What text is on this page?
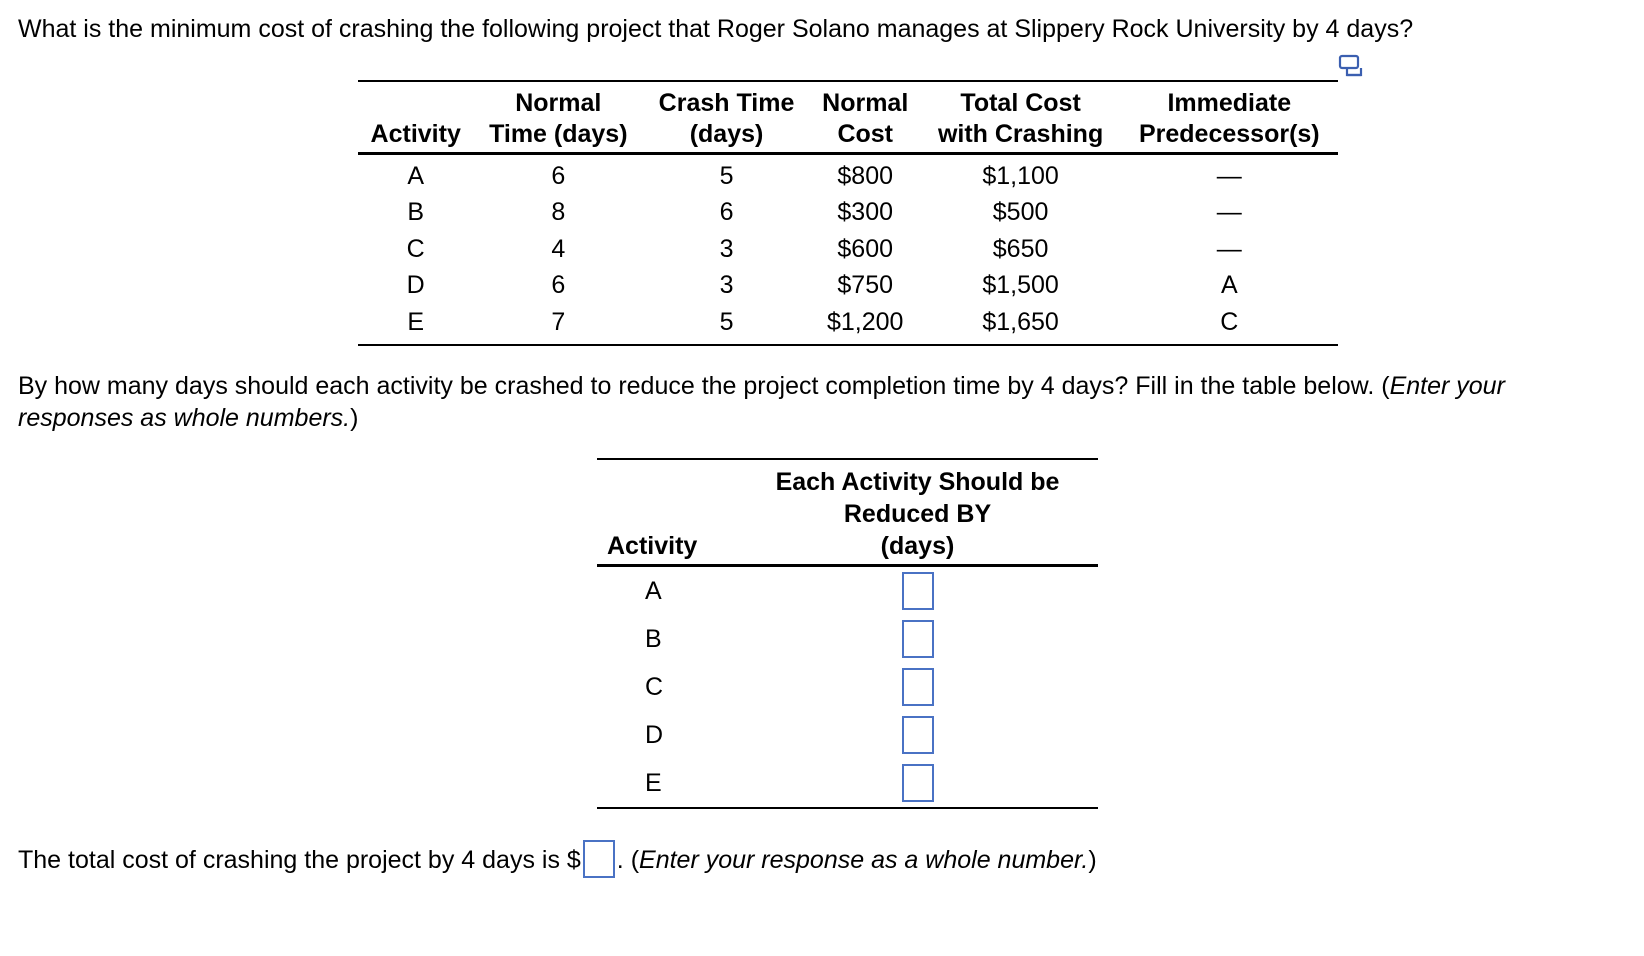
What is the minimum cost of crashing the following project that Roger Solano manages at Slippery Rock University by 4 days?

	Normal	Crash Time	Normal	Total Cost	Immediate
Activity	Time (days)	(days)	Cost	with Crashing	Predecessor(s)
A	6	5	$800	$1,100	—
B	8	6	$300	$500	—
C	4	3	$600	$650	—
D	6	3	$750	$1,500	A
E	7	5	$1,200	$1,650	C

By how many days should each activity be crashed to reduce the project completion time by 4 days? Fill in the table below. (Enter your responses as whole numbers.)

Activity	Each Activity Should be
Reduced BY
(days)
A	
B	
C	
D	
E	

The total cost of crashing the project by 4 days is $ . (Enter your response as a whole number.)
